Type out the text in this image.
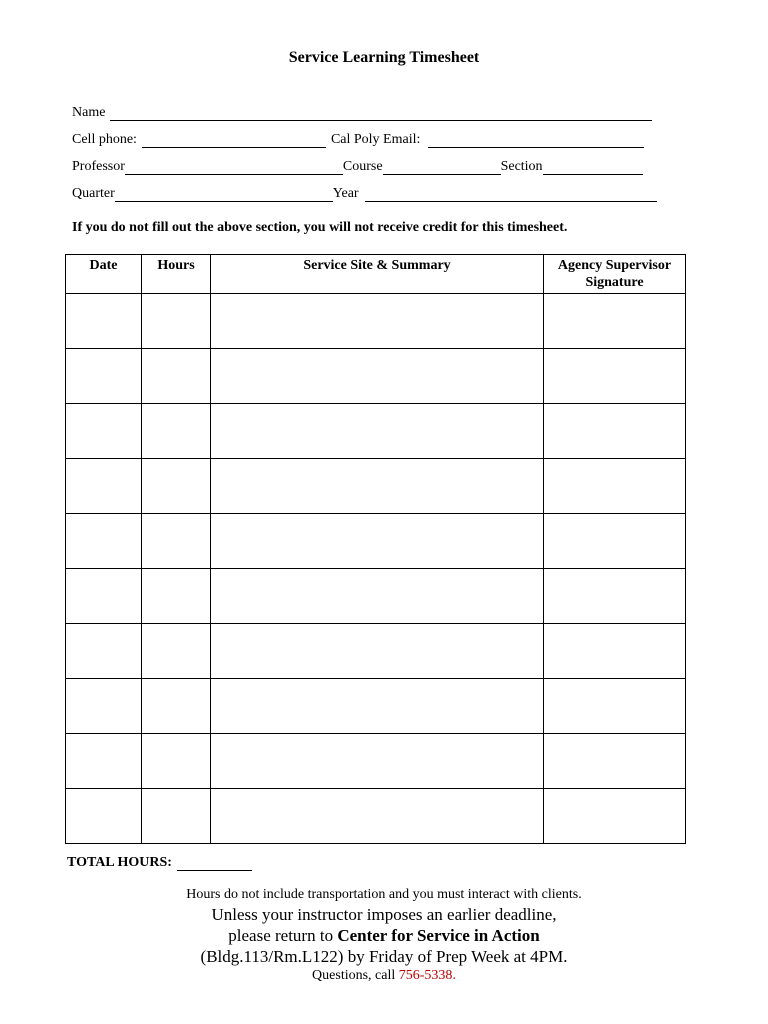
Service Learning Timesheet
Name
Cell phone:	Cal Poly Email:
Professor	Course	Section
Quarter	Year
If you do not fill out the above section, you will not receive credit for this timesheet.
Date	Hours	Service Site & Summary	Agency Supervisor
Signature

TOTAL HOURS:
Hours do not include transportation and you must interact with clients.
Unless your instructor imposes an earlier deadline,
please return to Center for Service in Action
(Bldg.113/Rm.L122) by Friday of Prep Week at 4PM.
Questions, call 756-5338.
